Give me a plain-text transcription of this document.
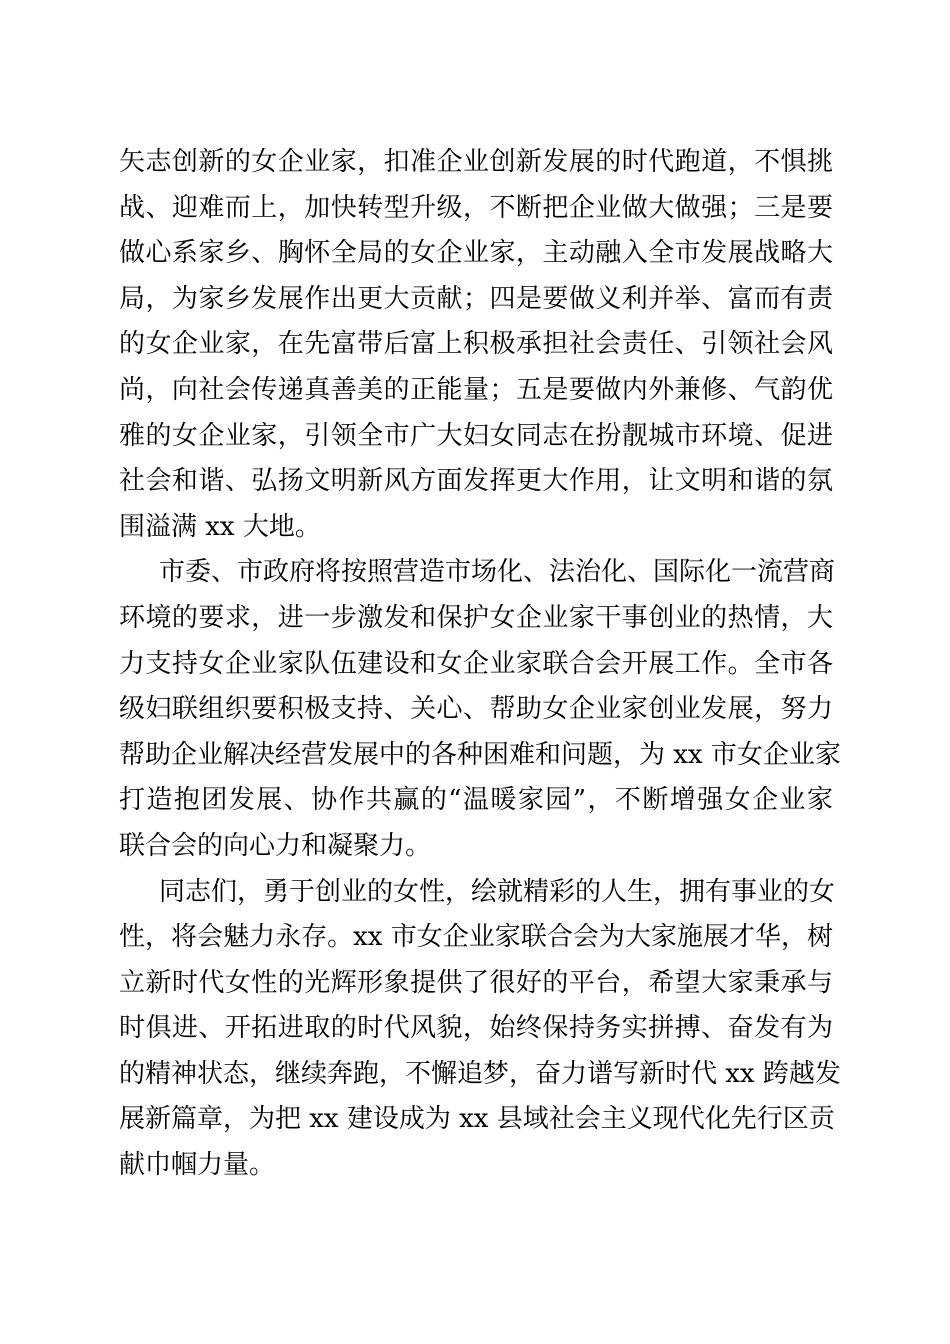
矢志创新的女企业家，扣准企业创新发展的时代跑道，不惧挑
战、迎难而上，加快转型升级，不断把企业做大做强；三是要
做心系家乡、胸怀全局的女企业家，主动融入全市发展战略大
局，为家乡发展作出更大贡献；四是要做义利并举、富而有责
的女企业家，在先富带后富上积极承担社会责任、引领社会风
尚，向社会传递真善美的正能量；五是要做内外兼修、气韵优
雅的女企业家，引领全市广大妇女同志在扮靓城市环境、促进
社会和谐、弘扬文明新风方面发挥更大作用，让文明和谐的氛
围溢满 xx 大地。
市委、市政府将按照营造市场化、法治化、国际化一流营商
环境的要求，进一步激发和保护女企业家干事创业的热情，大
力支持女企业家队伍建设和女企业家联合会开展工作。全市各
级妇联组织要积极支持、关心、帮助女企业家创业发展，努力
帮助企业解决经营发展中的各种困难和问题，为 xx 市女企业家
打造抱团发展、协作共赢的“温暖家园”，不断增强女企业家
联合会的向心力和凝聚力。
同志们，勇于创业的女性，绘就精彩的人生，拥有事业的女
性，将会魅力永存。xx 市女企业家联合会为大家施展才华，树
立新时代女性的光辉形象提供了很好的平台，希望大家秉承与
时俱进、开拓进取的时代风貌，始终保持务实拼搏、奋发有为
的精神状态，继续奔跑，不懈追梦，奋力谱写新时代 xx 跨越发
展新篇章，为把 xx 建设成为 xx 县域社会主义现代化先行区贡
献巾帼力量。
